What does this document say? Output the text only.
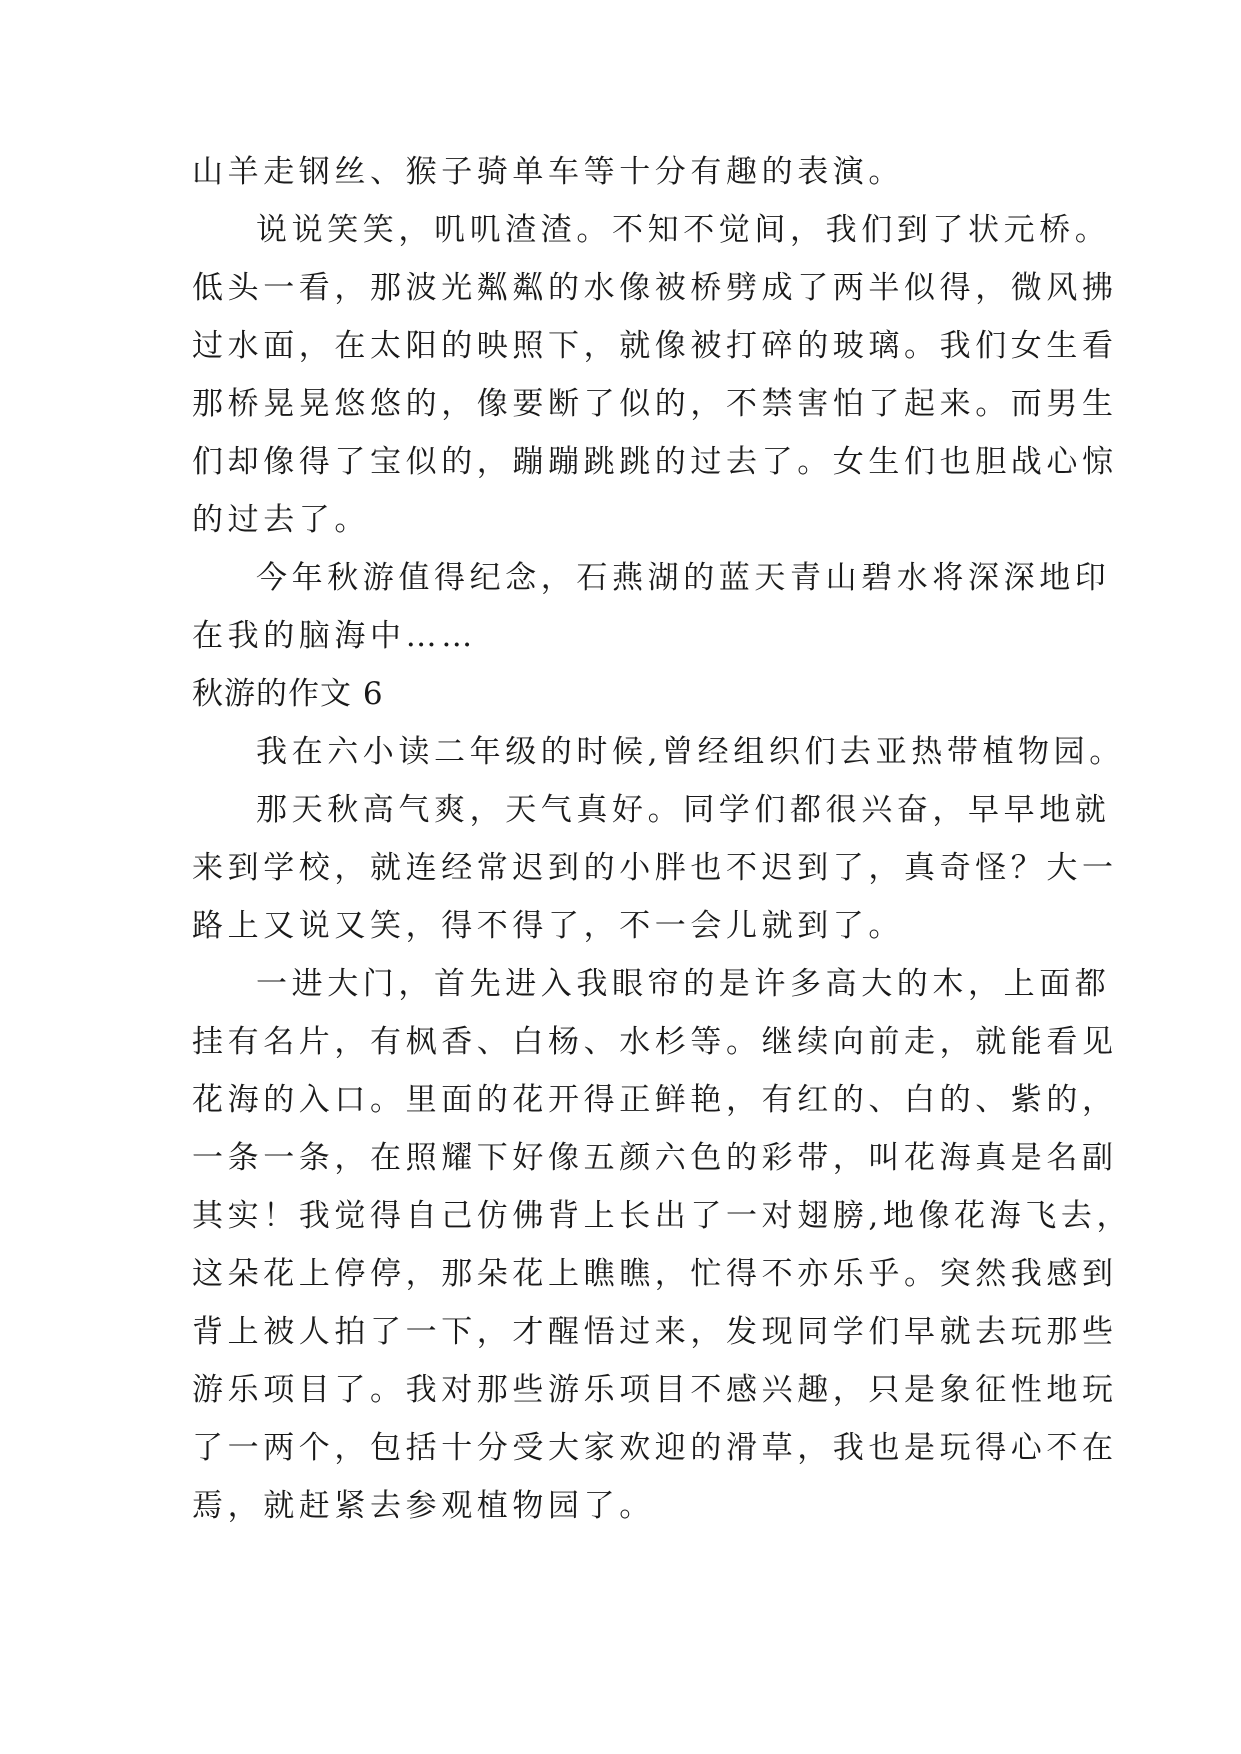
山羊走钢丝、猴子骑单车等十分有趣的表演。
说说笑笑，叽叽渣渣。不知不觉间，我们到了状元桥。
低头一看，那波光粼粼的水像被桥劈成了两半似得，微风拂
过水面，在太阳的映照下，就像被打碎的玻璃。我们女生看
那桥晃晃悠悠的，像要断了似的，不禁害怕了起来。而男生
们却像得了宝似的，蹦蹦跳跳的过去了。女生们也胆战心惊
的过去了。
今年秋游值得纪念，石燕湖的蓝天青山碧水将深深地印
在我的脑海中……
秋游的作文 6
我在六小读二年级的时候,曾经组织们去亚热带植物园。
那天秋高气爽，天气真好。同学们都很兴奋，早早地就
来到学校，就连经常迟到的小胖也不迟到了，真奇怪？大一
路上又说又笑，得不得了，不一会儿就到了。
一进大门，首先进入我眼帘的是许多高大的木，上面都
挂有名片，有枫香、白杨、水杉等。继续向前走，就能看见
花海的入口。里面的花开得正鲜艳，有红的、白的、紫的，
一条一条，在照耀下好像五颜六色的彩带，叫花海真是名副
其实！我觉得自己仿佛背上长出了一对翅膀,地像花海飞去，
这朵花上停停，那朵花上瞧瞧，忙得不亦乐乎。突然我感到
背上被人拍了一下，才醒悟过来，发现同学们早就去玩那些
游乐项目了。我对那些游乐项目不感兴趣，只是象征性地玩
了一两个，包括十分受大家欢迎的滑草，我也是玩得心不在
焉，就赶紧去参观植物园了。
